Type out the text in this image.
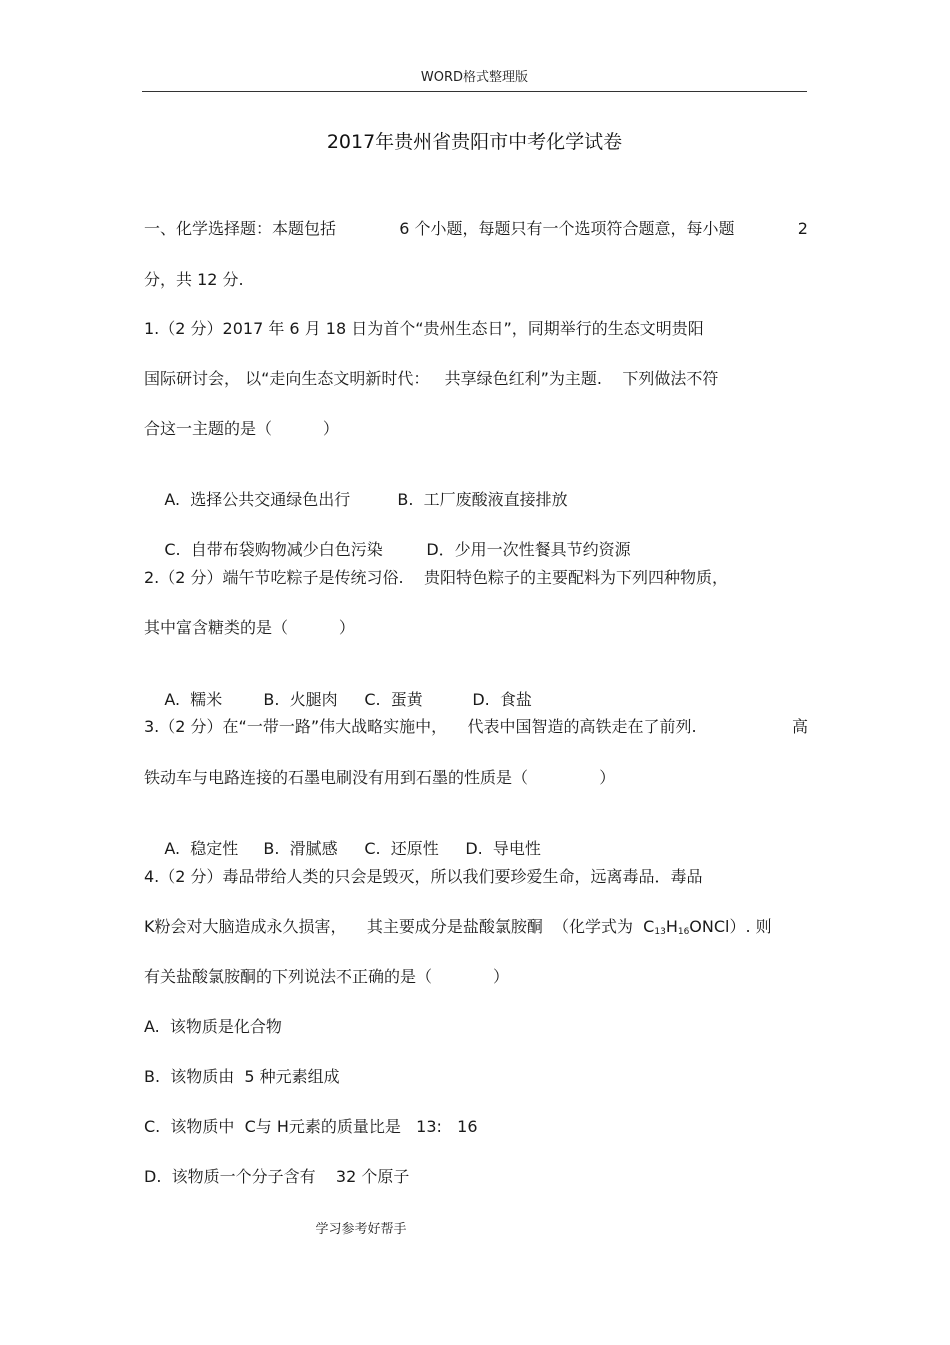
WORD格式整理版
2017年贵州省贵阳市中考化学试卷
一、化学选择题：本题包括	6 个小题，每题只有一个选项符合题意，每小题	2
分，共 12 分.
1.（2 分）2017 年 6 月 18 日为首个“贵州生态日”，同期举行的生态文明贵阳
国际研讨会， 以“走向生态文明新时代：   共享绿色红利”为主题.    下列做法不符
合这一主题的是（          ）

A.  选择公共交通绿色出行	B.  工厂废酸液直接排放

C.  自带布袋购物减少白色污染	D．少用一次性餐具节约资源

2.（2 分）端午节吃粽子是传统习俗.    贵阳特色粽子的主要配料为下列四种物质，
其中富含糖类的是（          ）

A.  糯米	B.  火腿肉 C.  蛋黄	D.  食盐

3.（2 分）在“一带一路”伟大战略实施中，    代表中国智造的高铁走在了前列.	高
铁动车与电路连接的石墨电刷没有用到石墨的性质是（              ）

A.  稳定性 B.  滑腻感 C.  还原性 D.  导电性

4.（2 分）毒品带给人类的只会是毁灭，所以我们要珍爱生命，远离毒品．毒品
K粉会对大脑造成永久损害，    其主要成分是盐酸氯胺酮  （化学式为  $C_{13}H_{16}ONCl$）. 则
有关盐酸氯胺酮的下列说法不正确的是（            ）
A.  该物质是化合物
B.  该物质由  5 种元素组成
C.  该物质中  C与 H元素的质量比是   13:   16
D.  该物质一个分子含有    32 个原子
学习参考好帮手
